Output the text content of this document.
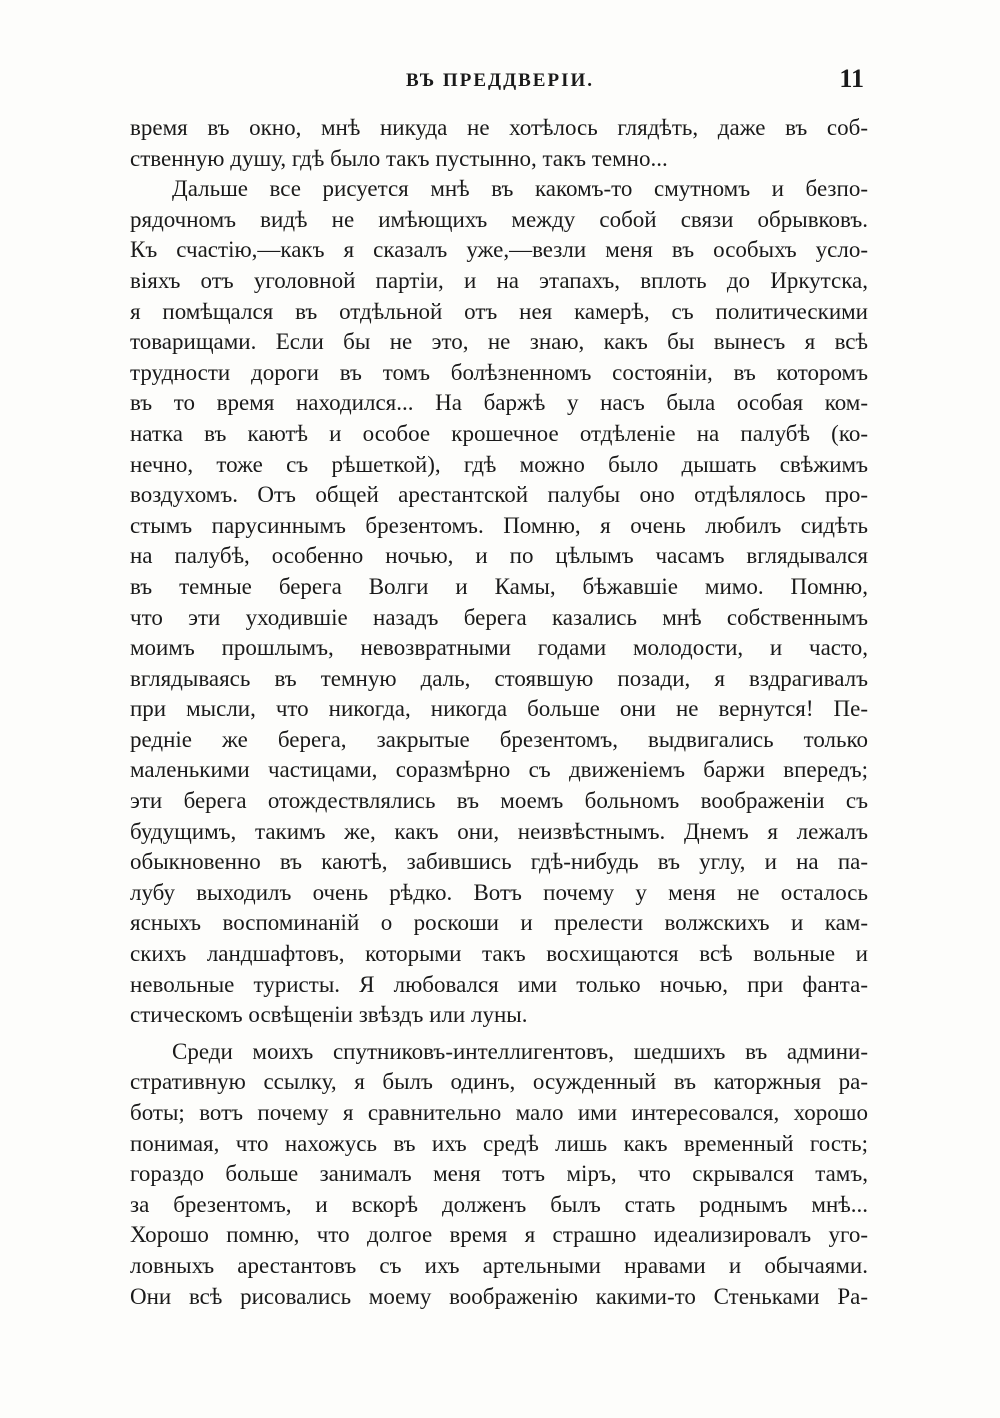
ВЪ ПРЕДДВЕРІИ.	11
время въ окно, мнѣ никуда не хотѣлось глядѣть, даже въ соб-
ственную душу, гдѣ было такъ пустынно, такъ темно...
Дальше все рисуется мнѣ въ какомъ-то смутномъ и безпо-
рядочномъ видѣ не имѣющихъ между собой связи обрывковъ.
Къ счастію,—какъ я сказалъ уже,—везли меня въ особыхъ усло-
віяхъ отъ уголовной партіи, и на этапахъ, вплоть до Иркутска,
я помѣщался въ отдѣльной отъ нея камерѣ, съ политическими
товарищами. Если бы не это, не знаю, какъ бы вынесъ я всѣ
трудности дороги въ томъ болѣзненномъ состояніи, въ которомъ
въ то время находился... На баржѣ у насъ была особая ком-
натка въ каютѣ и особое крошечное отдѣленіе на палубѣ (ко-
нечно, тоже съ рѣшеткой), гдѣ можно было дышать свѣжимъ
воздухомъ. Отъ общей арестантской палубы оно отдѣлялось про-
стымъ парусиннымъ брезентомъ. Помню, я очень любилъ сидѣть
на палубѣ, особенно ночью, и по цѣлымъ часамъ вглядывался
въ темные берега Волги и Камы, бѣжавшіе мимо. Помню,
что эти уходившіе назадъ берега казались мнѣ собственнымъ
моимъ прошлымъ, невозвратными годами молодости, и часто,
вглядываясь въ темную даль, стоявшую позади, я вздрагивалъ
при мысли, что никогда, никогда больше они не вернутся! Пе-
редніе же берега, закрытые брезентомъ, выдвигались только
маленькими частицами, соразмѣрно съ движеніемъ баржи впередъ;
эти берега отождествлялись въ моемъ больномъ воображеніи съ
будущимъ, такимъ же, какъ они, неизвѣстнымъ. Днемъ я лежалъ
обыкновенно въ каютѣ, забившись гдѣ-нибудь въ углу, и на па-
лубу выходилъ очень рѣдко. Вотъ почему у меня не осталось
ясныхъ воспоминаній о роскоши и прелести волжскихъ и кам-
скихъ ландшафтовъ, которыми такъ восхищаются всѣ вольные и
невольные туристы. Я любовался ими только ночью, при фанта-
стическомъ освѣщеніи звѣздъ или луны.
Среди моихъ спутниковъ-интеллигентовъ, шедшихъ въ админи-
стративную ссылку, я былъ одинъ, осужденный въ каторжныя ра-
боты; вотъ почему я сравнительно мало ими интересовался, хорошо
понимая, что нахожусь въ ихъ средѣ лишь какъ временный гость;
гораздо больше занималъ меня тотъ міръ, что скрывался тамъ,
за брезентомъ, и вскорѣ долженъ былъ стать роднымъ мнѣ...
Хорошо помню, что долгое время я страшно идеализировалъ уго-
ловныхъ арестантовъ съ ихъ артельными нравами и обычаями.
Они всѣ рисовались моему воображенію какими-то Стеньками Ра-
